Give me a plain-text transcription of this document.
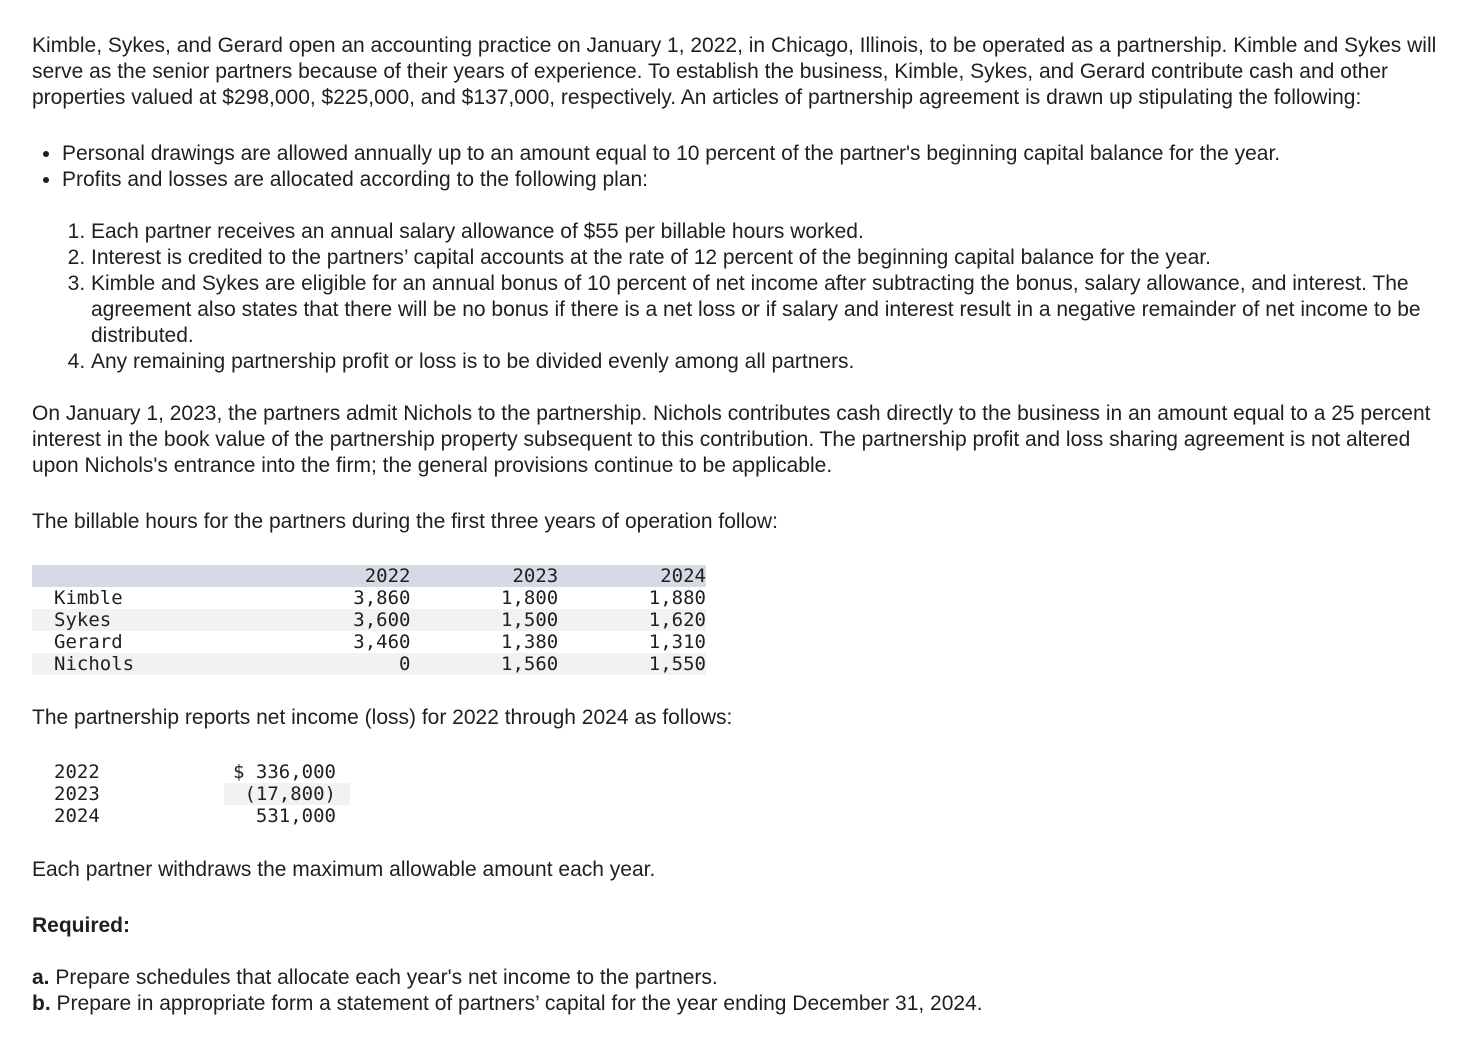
Kimble, Sykes, and Gerard open an accounting practice on January 1, 2022, in Chicago, Illinois, to be operated as a partnership. Kimble and Sykes will serve as the senior partners because of their years of experience. To establish the business, Kimble, Sykes, and Gerard contribute cash and other properties valued at $298,000, $225,000, and $137,000, respectively. An articles of partnership agreement is drawn up stipulating the following:

• Personal drawings are allowed annually up to an amount equal to 10 percent of the partner's beginning capital balance for the year.
• Profits and losses are allocated according to the following plan:
1. Each partner receives an annual salary allowance of $55 per billable hours worked.
2. Interest is credited to the partners’ capital accounts at the rate of 12 percent of the beginning capital balance for the year.
3. Kimble and Sykes are eligible for an annual bonus of 10 percent of net income after subtracting the bonus, salary allowance, and interest. The agreement also states that there will be no bonus if there is a net loss or if salary and interest result in a negative remainder of net income to be distributed.
4. Any remaining partnership profit or loss is to be divided evenly among all partners.

On January 1, 2023, the partners admit Nichols to the partnership. Nichols contributes cash directly to the business in an amount equal to a 25 percent interest in the book value of the partnership property subsequent to this contribution. The partnership profit and loss sharing agreement is not altered upon Nichols's entrance into the firm; the general provisions continue to be applicable.

The billable hours for the partners during the first three years of operation follow:

	2022	2023	2024
Kimble	3,860	1,800	1,880
Sykes	3,600	1,500	1,620
Gerard	3,460	1,380	1,310
Nichols	0	1,560	1,550

The partnership reports net income (loss) for 2022 through 2024 as follows:

2022	$ 336,000
2023	(17,800)
2024	531,000

Each partner withdraws the maximum allowable amount each year.

Required:

a. Prepare schedules that allocate each year's net income to the partners.
b. Prepare in appropriate form a statement of partners’ capital for the year ending December 31, 2024.
